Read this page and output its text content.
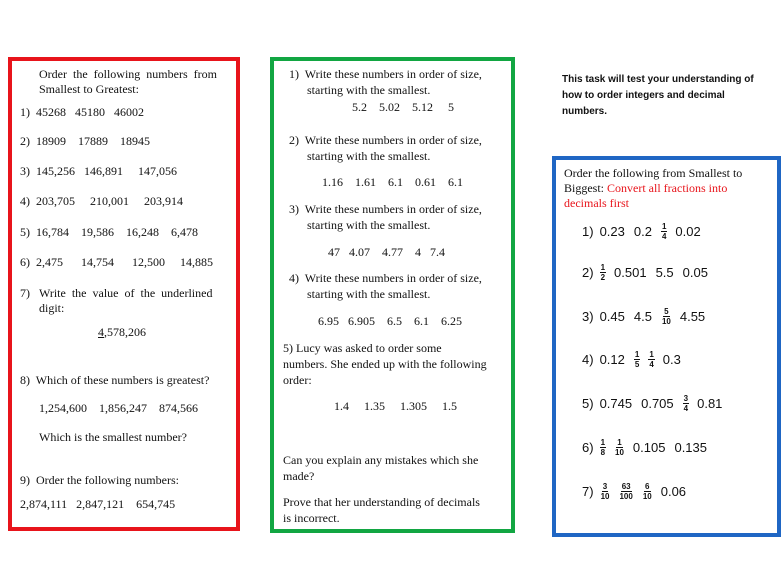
Order  the  following  numbers  from
Smallest to Greatest:
1) 45268 45180 46002
2) 18909 17889 18945
3) 145,256 146,891 147,056
4) 203,705 210,001 203,914
5) 16,784 19,586 16,248 6,478
6) 2,475 14,754 12,500 14,885
7) Write  the  value  of  the  underlined
digit:
4,578,206
8) Which of these numbers is greatest?
1,254,600 1,856,247 874,566
Which is the smallest number?
9) Order the following numbers:
2,874,111 2,847,121 654,745
1) Write these numbers in order of size,
starting with the smallest.
5.2 5.02 5.12 5
2) Write these numbers in order of size,
starting with the smallest.
1.16 1.61 6.1 0.61 6.1
3) Write these numbers in order of size,
starting with the smallest.
47 4.07 4.77 4 7.4
4) Write these numbers in order of size,
starting with the smallest.
6.95 6.905 6.5 6.1 6.25
5) Lucy was asked to order some
numbers. She ended up with the following
order:
1.4 1.35 1.305 1.5
Can you explain any mistakes which she
made?
Prove that her understanding of decimals
is incorrect.
This task will test your understanding of
how to order integers and decimal
numbers.
Order the following from Smallest to
Biggest: Convert all fractions into
decimals first
1) 0.23 $0.2 \frac{1}{4} 0.02$
$2) \frac{1}{2} 0.501$ 5.5 0.05
3) 0.45 $4.5 \frac{5}{10} 4.55$
4) $0.12 \frac{1}{5} \frac{1}{4} 0.3$
5) 0.745 $0.705 \frac{3}{4} 0.81$
$6) \frac{1}{8} \frac{1}{10} 0.105$ 0.135
$7) \frac{3}{10} \frac{63}{100} \frac{6}{10} 0.06$
